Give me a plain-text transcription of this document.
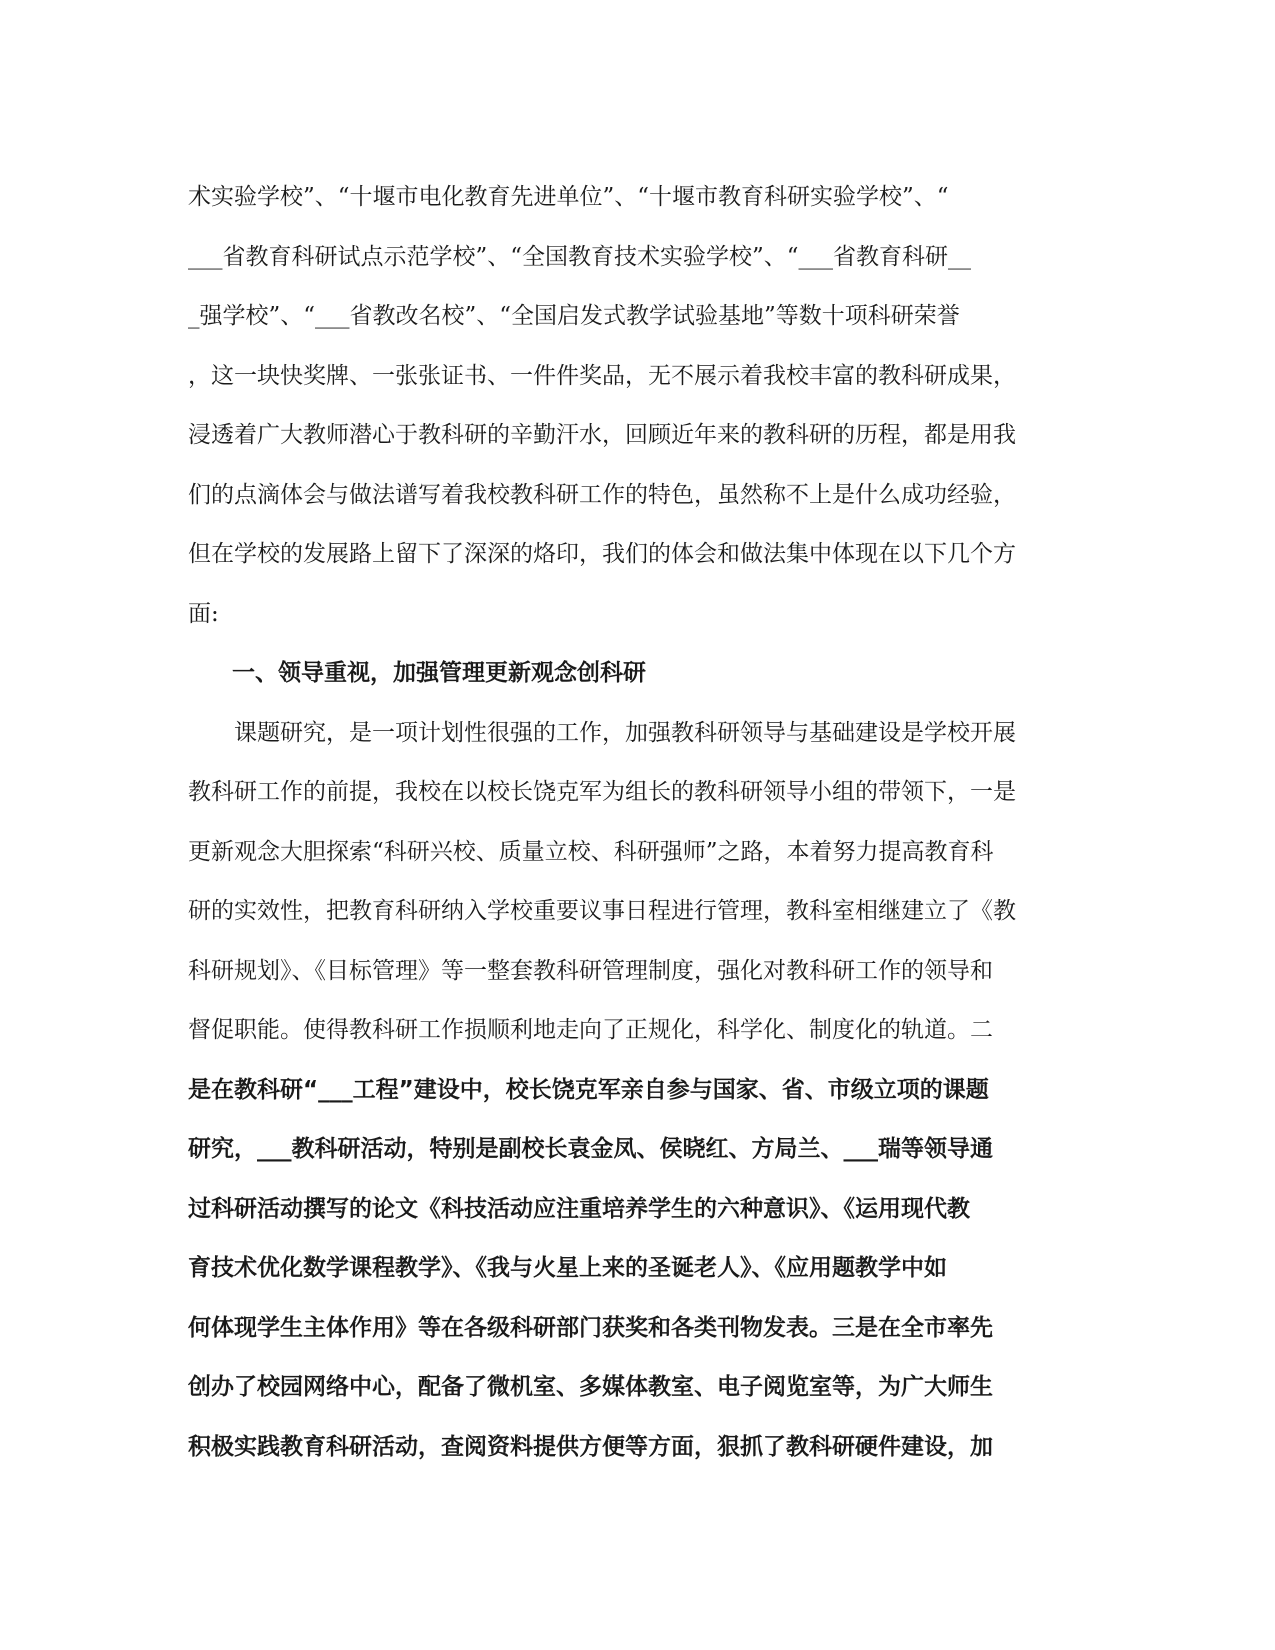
术实验学校”、“十堰市电化教育先进单位”、“十堰市教育科研实验学校”、“
___省教育科研试点示范学校”、“全国教育技术实验学校”、“___省教育科研__
_强学校”、“___省教改名校”、“全国启发式教学试验基地”等数十项科研荣誉
，这一块快奖牌、一张张证书、一件件奖品，无不展示着我校丰富的教科研成果，
浸透着广大教师潜心于教科研的辛勤汗水，回顾近年来的教科研的历程，都是用我
们的点滴体会与做法谱写着我校教科研工作的特色，虽然称不上是什么成功经验，
但在学校的发展路上留下了深深的烙印，我们的体会和做法集中体现在以下几个方
面:
一、领导重视，加强管理更新观念创科研
课题研究，是一项计划性很强的工作，加强教科研领导与基础建设是学校开展
教科研工作的前提，我校在以校长饶克军为组长的教科研领导小组的带领下，一是
更新观念大胆探索“科研兴校、质量立校、科研强师”之路，本着努力提高教育科
研的实效性，把教育科研纳入学校重要议事日程进行管理，教科室相继建立了《教
科研规划》、《目标管理》等一整套教科研管理制度，强化对教科研工作的领导和
督促职能。使得教科研工作损顺利地走向了正规化，科学化、制度化的轨道。二
是在教科研“___工程”建设中，校长饶克军亲自参与国家、省、市级立项的课题
研究，___教科研活动，特别是副校长袁金凤、侯晓红、方局兰、___瑞等领导通
过科研活动撰写的论文《科技活动应注重培养学生的六种意识》、《运用现代教
育技术优化数学课程教学》、《我与火星上来的圣诞老人》、《应用题教学中如
何体现学生主体作用》等在各级科研部门获奖和各类刊物发表。三是在全市率先
创办了校园网络中心，配备了微机室、多媒体教室、电子阅览室等，为广大师生
积极实践教育科研活动，查阅资料提供方便等方面，狠抓了教科研硬件建设，加
